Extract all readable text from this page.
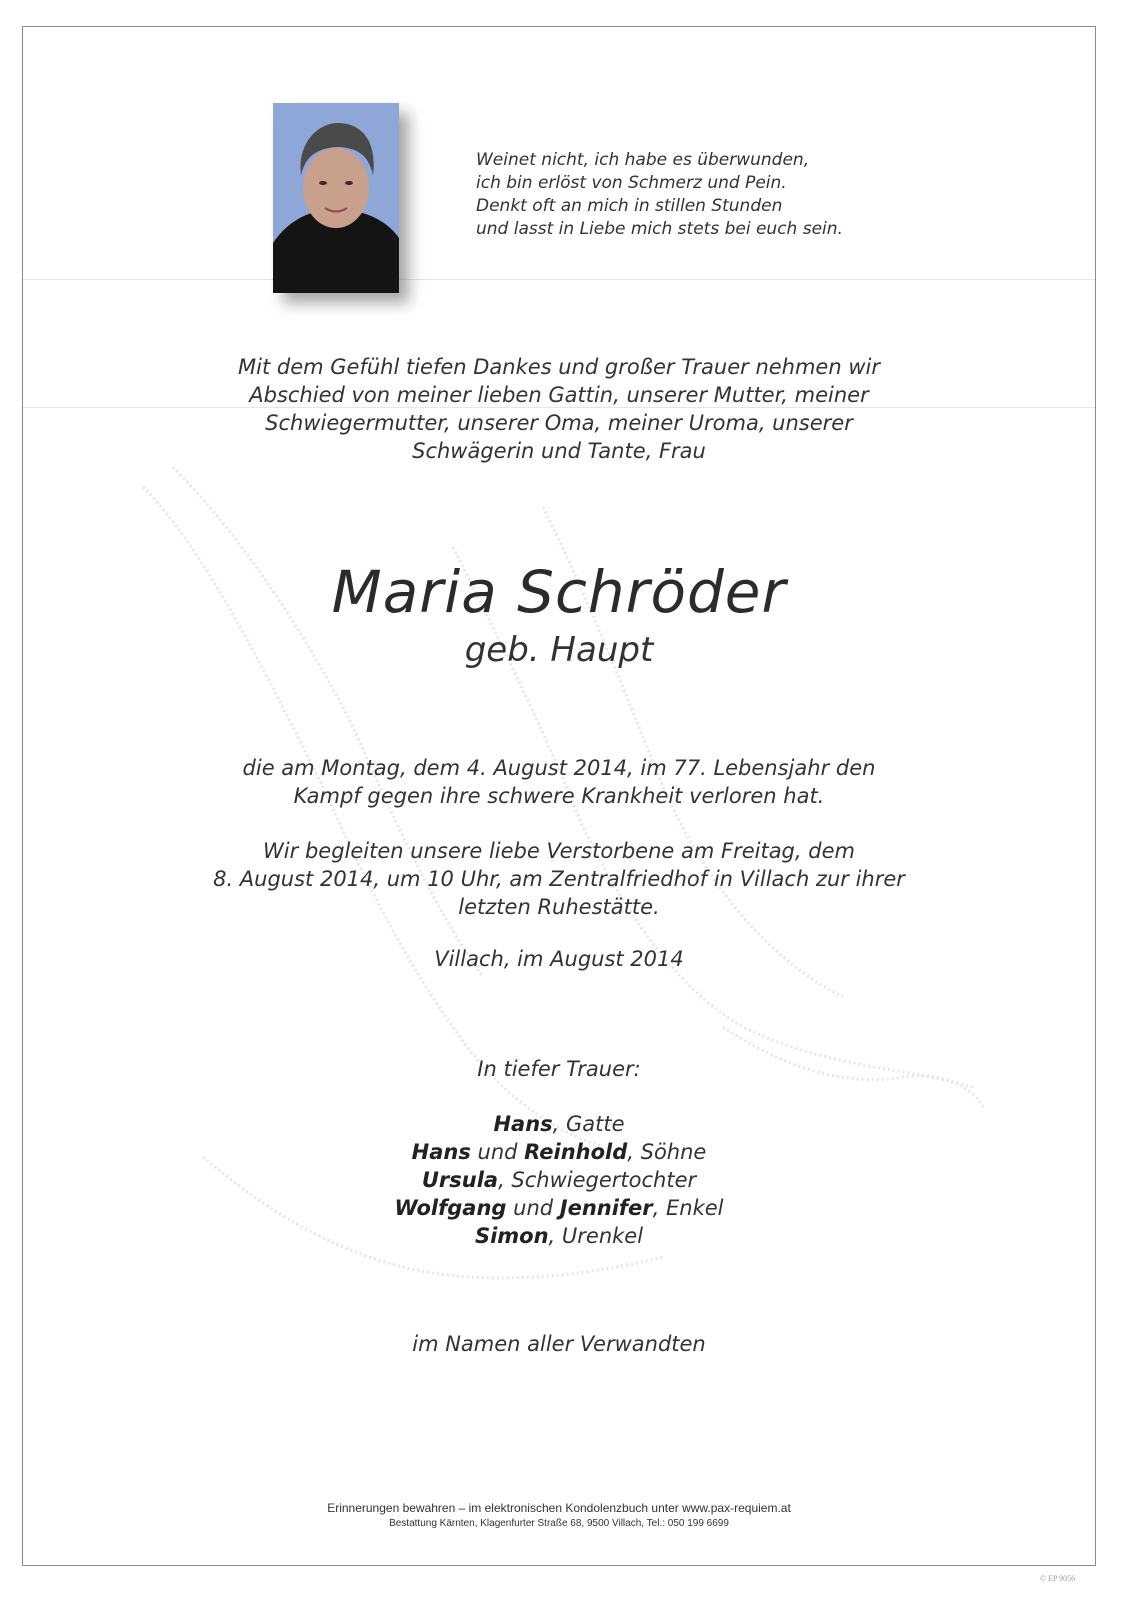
Weinet nicht, ich habe es überwunden,
ich bin erlöst von Schmerz und Pein.
Denkt oft an mich in stillen Stunden
und lasst in Liebe mich stets bei euch sein.
Mit dem Gefühl tiefen Dankes und großer Trauer nehmen wir
Abschied von meiner lieben Gattin, unserer Mutter, meiner
Schwiegermutter, unserer Oma, meiner Uroma, unserer
Schwägerin und Tante, Frau
Maria Schröder
geb. Haupt
die am Montag, dem 4. August 2014, im 77. Lebensjahr den
Kampf gegen ihre schwere Krankheit verloren hat.
Wir begleiten unsere liebe Verstorbene am Freitag, dem
8. August 2014, um 10 Uhr, am Zentralfriedhof in Villach zur ihrer
letzten Ruhestätte.
Villach, im August 2014
In tiefer Trauer:
Hans, Gatte
Hans und Reinhold, Söhne
Ursula, Schwiegertochter
Wolfgang und Jennifer, Enkel
Simon, Urenkel
im Namen aller Verwandten
Erinnerungen bewahren – im elektronischen Kondolenzbuch unter www.pax-requiem.at
Bestattung Kärnten, Klagenfurter Straße 68, 9500 Villach, Tel.: 050 199 6699
© EP 9056
